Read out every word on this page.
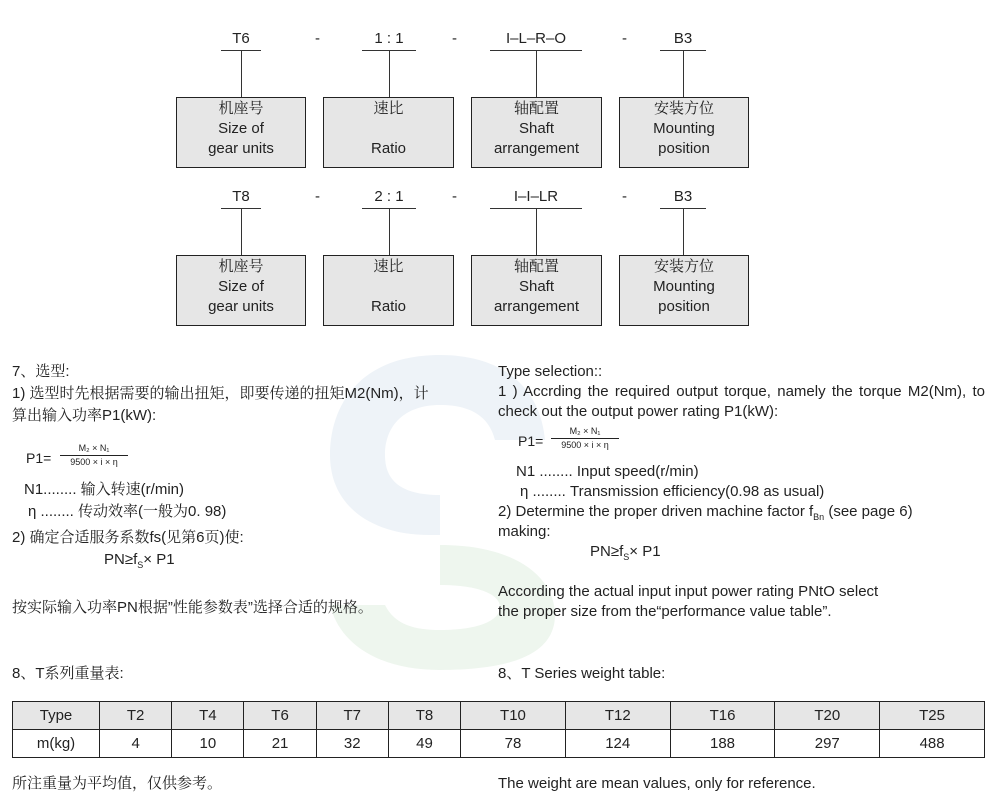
T6	-	1 : 1	-	I–L–R–O	-	B3
机座号
Size of
gear units
速比
Ratio
轴配置
Shaft
arrangement
安装方位
Mounting
position
T8	-	2 : 1	-	I–I–LR	-	B3
机座号
Size of
gear units
速比
Ratio
轴配置
Shaft
arrangement
安装方位
Mounting
position
7、选型:
1) 选型时先根据需要的输出扭矩，即要传递的扭矩M2(Nm)，计
算出输入功率P1(kW):
P1=
M₂ × N₁
9500 × i × η
N1........ 输入转速(r/min)
η ........ 传动效率(一般为0. 98)
2) 确定合适服务系数fs(见第6页)使:
$PN\ge f_S\times P1$
按实际输入功率PN根据”性能参数表”选择合适的规格。
Type selection::
1 ) Accrding the required output torque, namely the torque M2(Nm), to check out the output power rating P1(kW):
P1=
M₂ × N₁
9500 × i × η
N1 ........ Input speed(r/min)
η ........ Transmission efficiency(0.98 as usual)
2) Determine the proper driven machine factor $f_{Bn}$ (see page 6)
making:
$PN\ge f_S\times P1$
According the actual input input power rating PNtO select
the proper size from the“performance value table”.
8、T系列重量表:	8、T Series weight table:
Type	T2	T4	T6	T7	T8	T10	T12	T16	T20	T25
m(kg)	4	10	21	32	49	78	124	188	297	488
所注重量为平均值，仅供参考。	The weight are mean values, only for reference.
